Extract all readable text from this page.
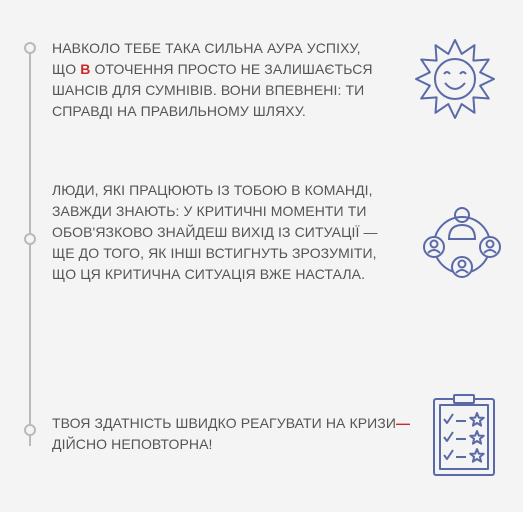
НАВКОЛО ТЕБЕ ТАКА СИЛЬНА АУРА УСПІХУ,
ЩО В ОТОЧЕННЯ ПРОСТО НЕ ЗАЛИШАЄТЬСЯ
ШАНСІВ ДЛЯ СУМНІВІВ. ВОНИ ВПЕВНЕНІ: ТИ
СПРАВДІ НА ПРАВИЛЬНОМУ ШЛЯХУ.
ЛЮДИ, ЯКІ ПРАЦЮЮТЬ ІЗ ТОБОЮ В КОМАНДІ,
ЗАВЖДИ ЗНАЮТЬ: У КРИТИЧНІ МОМЕНТИ ТИ
ОБОВ'ЯЗКОВО ЗНАЙДЕШ ВИХІД ІЗ СИТУАЦІЇ —
ЩЕ ДО ТОГО, ЯК ІНШІ ВСТИГНУТЬ ЗРОЗУМІТИ,
ЩО ЦЯ КРИТИЧНА СИТУАЦІЯ ВЖЕ НАСТАЛА.
ТВОЯ ЗДАТНІСТЬ ШВИДКО РЕАГУВАТИ НА КРИЗИ—
ДІЙСНО НЕПОВТОРНА!
